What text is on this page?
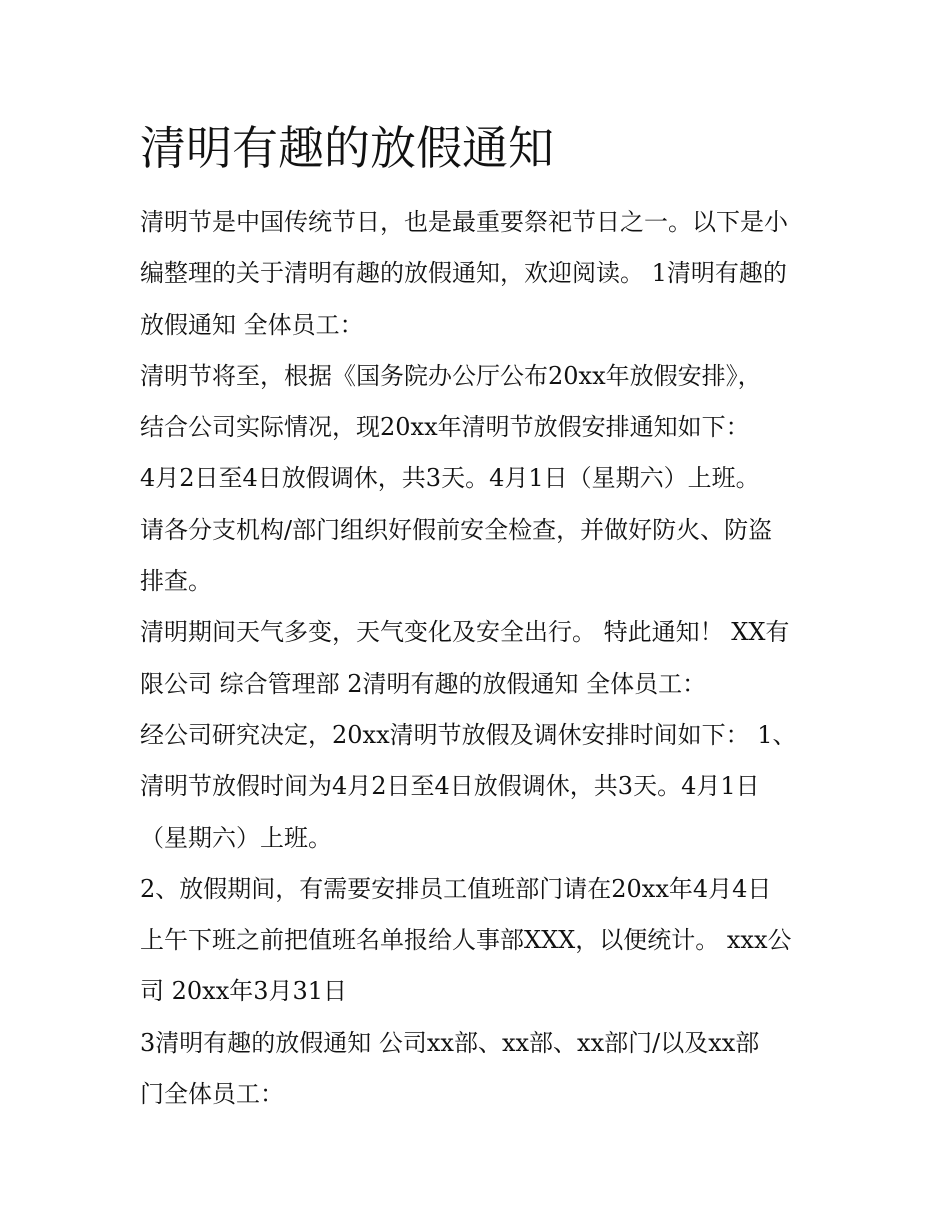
清明有趣的放假通知
清明节是中国传统节日，也是最重要祭祀节日之一。以下是小
编整理的关于清明有趣的放假通知，欢迎阅读。 1清明有趣的
放假通知 全体员工：
清明节将至，根据《国务院办公厅公布20xx年放假安排》，
结合公司实际情况，现20xx年清明节放假安排通知如下：
4月2日至4日放假调休，共3天。4月1日（星期六）上班。
请各分支机构/部门组织好假前安全检查，并做好防火、防盗
排查。
清明期间天气多变，天气变化及安全出行。 特此通知！ XX有
限公司 综合管理部 2清明有趣的放假通知 全体员工：
经公司研究决定，20xx清明节放假及调休安排时间如下： 1、
清明节放假时间为4月2日至4日放假调休，共3天。4月1日
（星期六）上班。
2、放假期间，有需要安排员工值班部门请在20xx年4月4日
上午下班之前把值班名单报给人事部XXX，以便统计。 xxx公
司 20xx年3月31日
3清明有趣的放假通知 公司xx部、xx部、xx部门/以及xx部
门全体员工：
